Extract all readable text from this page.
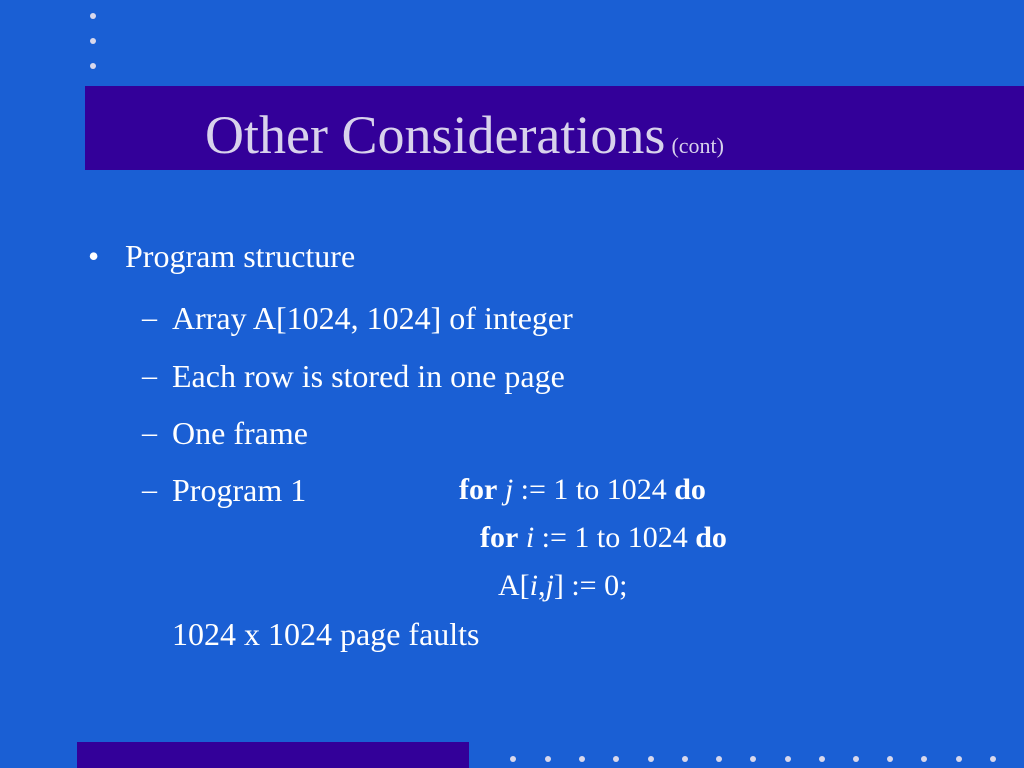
Other Considerations (cont)
• Program structure
– Array A[1024, 1024] of integer
– Each row is stored in one page
– One frame
– Program 1	for j := 1 to 1024 do
for i := 1 to 1024 do
A[i,j] := 0;
1024 x 1024 page faults
